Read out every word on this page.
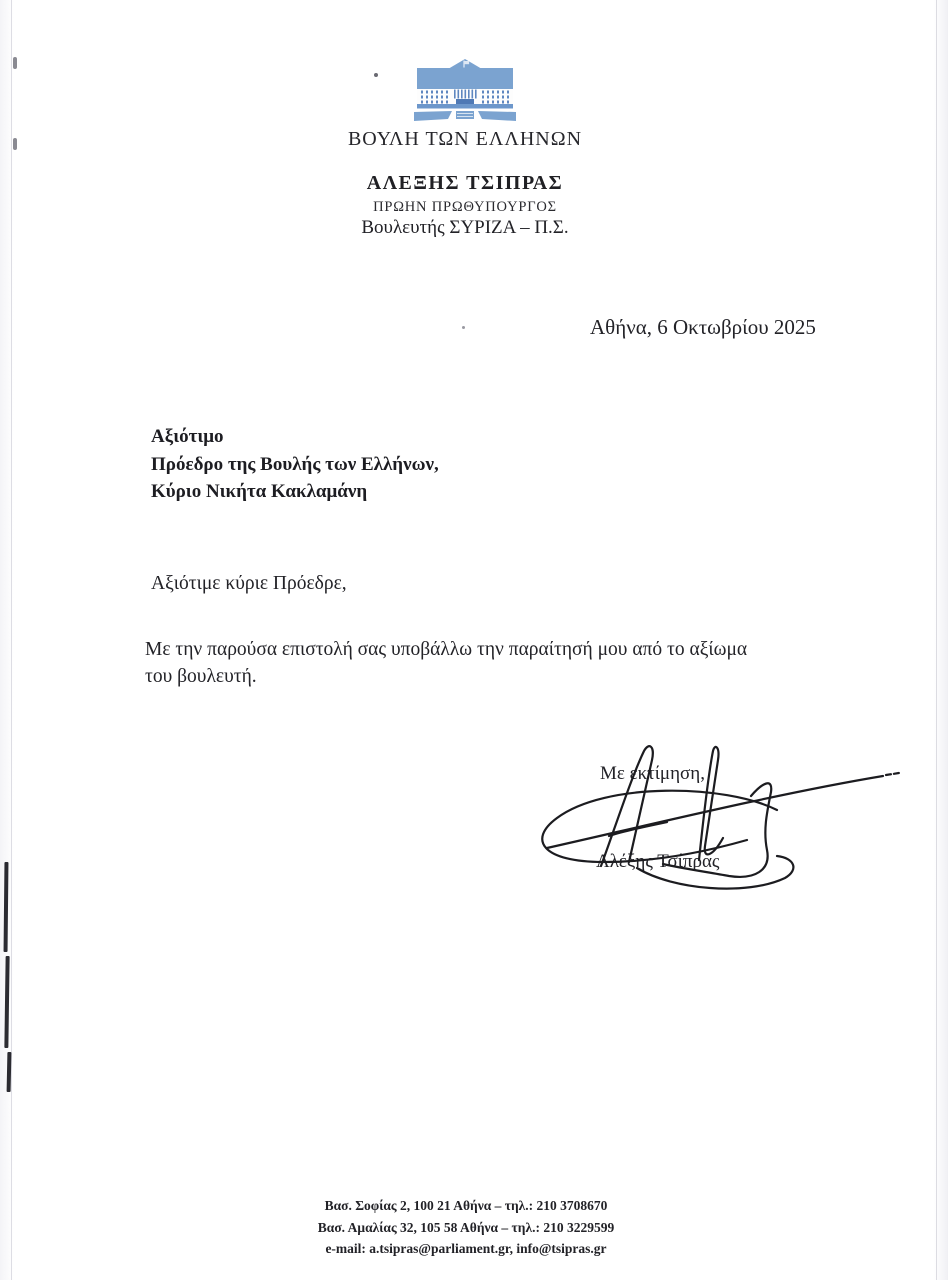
ΒΟΥΛΗ ΤΩΝ ΕΛΛΗΝΩΝ
ΑΛΕΞΗΣ ΤΣΙΠΡΑΣ
ΠΡΩΗΝ ΠΡΩΘΥΠΟΥΡΓΟΣ
Βουλευτής ΣΥΡΙΖΑ – Π.Σ.
Αθήνα, 6 Οκτωβρίου 2025
Αξιότιμο
Πρόεδρο της Βουλής των Ελλήνων,
Κύριο Νικήτα Κακλαμάνη
Αξιότιμε κύριε Πρόεδρε,
Με την παρούσα επιστολή σας υποβάλλω την παραίτησή μου από το αξίωμα του βουλευτή.
Με εκτίμηση,
Αλέξης Τσίπρας
Βασ. Σοφίας 2, 100 21 Αθήνα – τηλ.: 210 3708670
Βασ. Αμαλίας 32, 105 58 Αθήνα – τηλ.: 210 3229599
e-mail: a.tsipras@parliament.gr, info@tsipras.gr
